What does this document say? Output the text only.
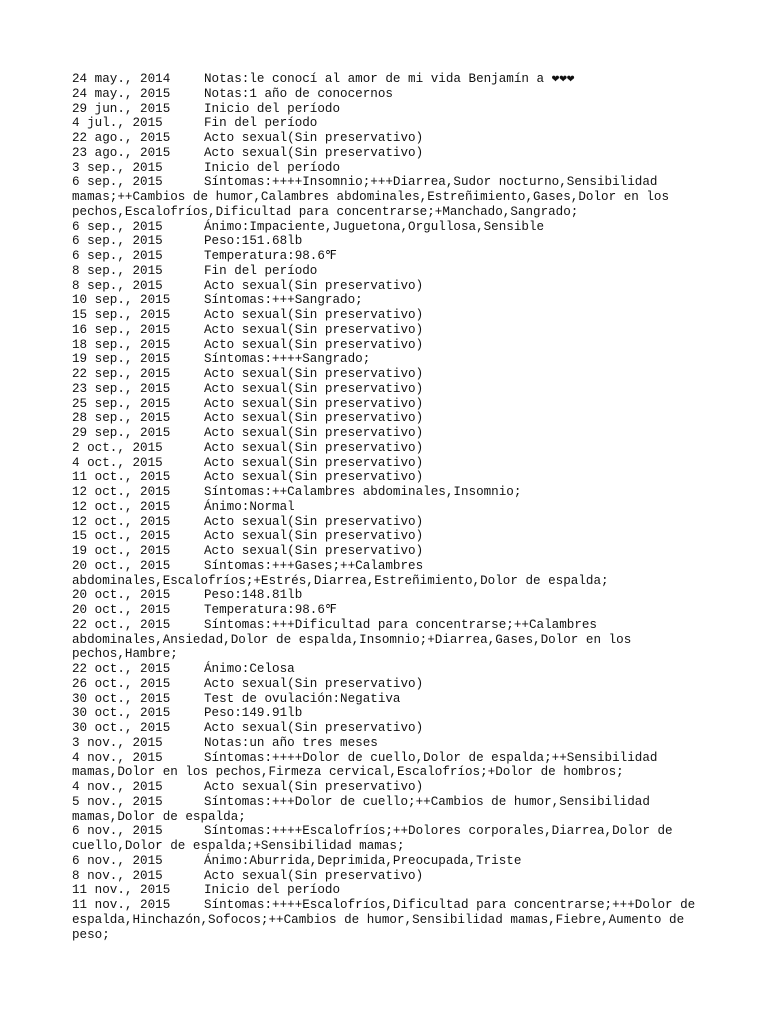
24 may., 2014	Notas:le conocí al amor de mi vida Benjamín a ❤❤❤
24 may., 2015	Notas:1 año de conocernos
29 jun., 2015	Inicio del período
4 jul., 2015	Fin del período
22 ago., 2015	Acto sexual(Sin preservativo)
23 ago., 2015	Acto sexual(Sin preservativo)
3 sep., 2015	Inicio del período
6 sep., 2015	Síntomas:++++Insomnio;+++Diarrea,Sudor nocturno,Sensibilidad mamas;++Cambios de humor,Calambres abdominales,Estreñimiento,Gases,Dolor en los pechos,Escalofríos,Dificultad para concentrarse;+Manchado,Sangrado;
6 sep., 2015	Ánimo:Impaciente,Juguetona,Orgullosa,Sensible
6 sep., 2015	Peso:151.68lb
6 sep., 2015	Temperatura:98.6℉
8 sep., 2015	Fin del período
8 sep., 2015	Acto sexual(Sin preservativo)
10 sep., 2015	Síntomas:+++Sangrado;
15 sep., 2015	Acto sexual(Sin preservativo)
16 sep., 2015	Acto sexual(Sin preservativo)
18 sep., 2015	Acto sexual(Sin preservativo)
19 sep., 2015	Síntomas:++++Sangrado;
22 sep., 2015	Acto sexual(Sin preservativo)
23 sep., 2015	Acto sexual(Sin preservativo)
25 sep., 2015	Acto sexual(Sin preservativo)
28 sep., 2015	Acto sexual(Sin preservativo)
29 sep., 2015	Acto sexual(Sin preservativo)
2 oct., 2015	Acto sexual(Sin preservativo)
4 oct., 2015	Acto sexual(Sin preservativo)
11 oct., 2015	Acto sexual(Sin preservativo)
12 oct., 2015	Síntomas:++Calambres abdominales,Insomnio;
12 oct., 2015	Ánimo:Normal
12 oct., 2015	Acto sexual(Sin preservativo)
15 oct., 2015	Acto sexual(Sin preservativo)
19 oct., 2015	Acto sexual(Sin preservativo)
20 oct., 2015	Síntomas:+++Gases;++Calambres abdominales,Escalofríos;+Estrés,Diarrea,Estreñimiento,Dolor de espalda;
20 oct., 2015	Peso:148.81lb
20 oct., 2015	Temperatura:98.6℉
22 oct., 2015	Síntomas:+++Dificultad para concentrarse;++Calambres abdominales,Ansiedad,Dolor de espalda,Insomnio;+Diarrea,Gases,Dolor en los pechos,Hambre;
22 oct., 2015	Ánimo:Celosa
26 oct., 2015	Acto sexual(Sin preservativo)
30 oct., 2015	Test de ovulación:Negativa
30 oct., 2015	Peso:149.91lb
30 oct., 2015	Acto sexual(Sin preservativo)
3 nov., 2015	Notas:un año tres meses
4 nov., 2015	Síntomas:++++Dolor de cuello,Dolor de espalda;++Sensibilidad mamas,Dolor en los pechos,Firmeza cervical,Escalofríos;+Dolor de hombros;
4 nov., 2015	Acto sexual(Sin preservativo)
5 nov., 2015	Síntomas:+++Dolor de cuello;++Cambios de humor,Sensibilidad mamas,Dolor de espalda;
6 nov., 2015	Síntomas:++++Escalofríos;++Dolores corporales,Diarrea,Dolor de cuello,Dolor de espalda;+Sensibilidad mamas;
6 nov., 2015	Ánimo:Aburrida,Deprimida,Preocupada,Triste
8 nov., 2015	Acto sexual(Sin preservativo)
11 nov., 2015	Inicio del período
11 nov., 2015	Síntomas:++++Escalofríos,Dificultad para concentrarse;+++Dolor de espalda,Hinchazón,Sofocos;++Cambios de humor,Sensibilidad mamas,Fiebre,Aumento de peso;
